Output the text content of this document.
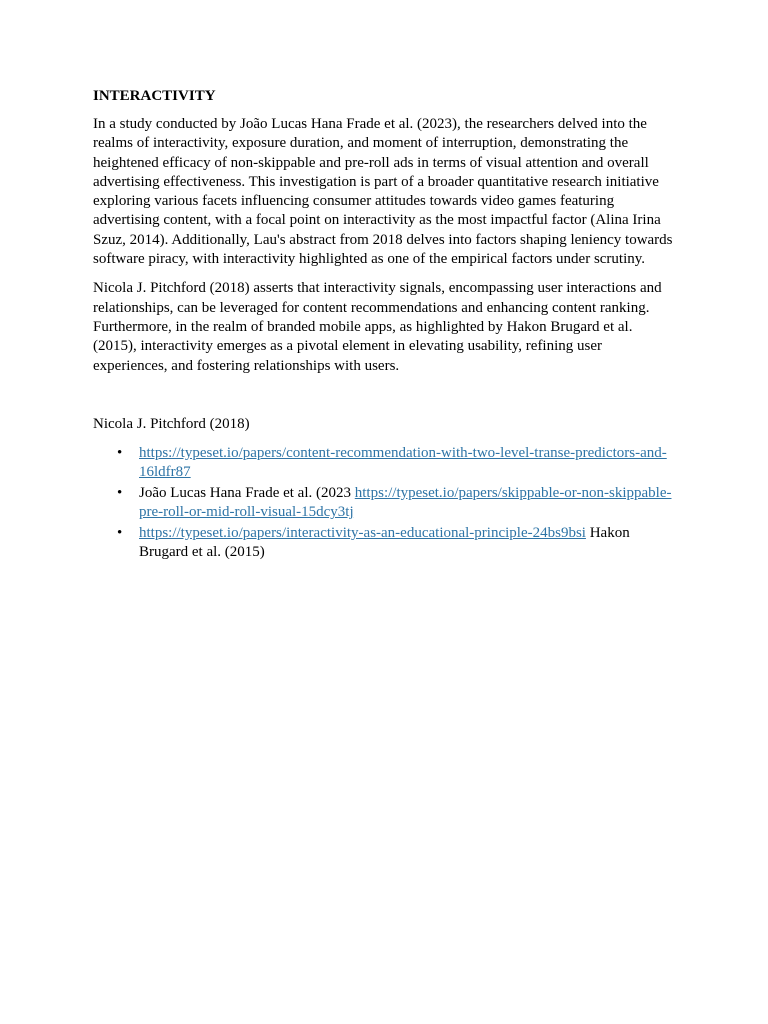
INTERACTIVITY

In a study conducted by João Lucas Hana Frade et al. (2023), the researchers delved into the realms of interactivity, exposure duration, and moment of interruption, demonstrating the heightened efficacy of non-skippable and pre-roll ads in terms of visual attention and overall advertising effectiveness. This investigation is part of a broader quantitative research initiative exploring various facets influencing consumer attitudes towards video games featuring advertising content, with a focal point on interactivity as the most impactful factor (Alina Irina Szuz, 2014). Additionally, Lau's abstract from 2018 delves into factors shaping leniency towards software piracy, with interactivity highlighted as one of the empirical factors under scrutiny.

Nicola J. Pitchford (2018) asserts that interactivity signals, encompassing user interactions and relationships, can be leveraged for content recommendations and enhancing content ranking. Furthermore, in the realm of branded mobile apps, as highlighted by Hakon Brugard et al. (2015), interactivity emerges as a pivotal element in elevating usability, refining user experiences, and fostering relationships with users.

Nicola J. Pitchford (2018)
•	https://typeset.io/papers/content-recommendation-with-two-level-transe-predictors-and-16ldfr87
•	João Lucas Hana Frade et al. (2023 https://typeset.io/papers/skippable-or-non-skippable-pre-roll-or-mid-roll-visual-15dcy3tj
•	https://typeset.io/papers/interactivity-as-an-educational-principle-24bs9bsi Hakon Brugard et al. (2015)
